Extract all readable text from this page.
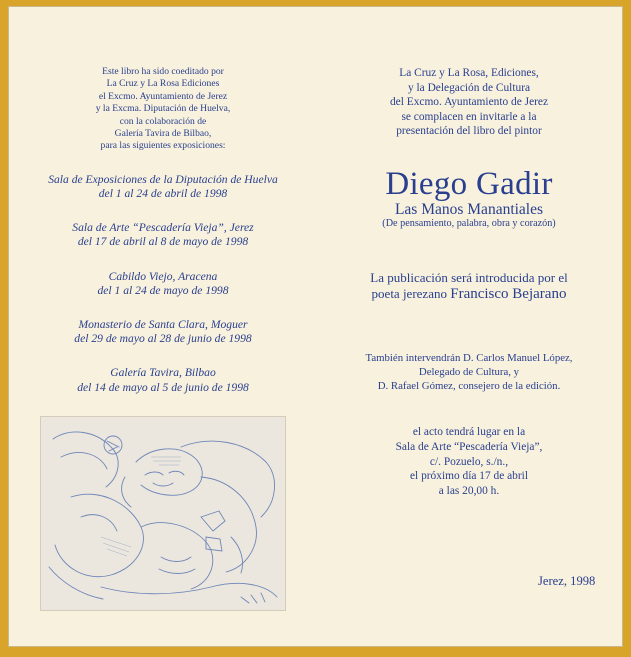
Este libro ha sido coeditado por

La Cruz y La Rosa Ediciones

el Excmo. Ayuntamiento de Jerez

y la Excma. Diputación de Huelva,

con la colaboración de

Galería Tavira de Bilbao,

para las siguientes exposiciones:

Sala de Exposiciones de la Diputación de Huelva

del 1 al 24 de abril de 1998

Sala de Arte “Pescadería Vieja”, Jerez

del 17 de abril al 8 de mayo de 1998

Cabildo Viejo, Aracena

del 1 al 24 de mayo de 1998

Monasterio de Santa Clara, Moguer

del 29 de mayo al 28 de junio de 1998

Galería Tavira, Bilbao

del 14 de mayo al 5 de junio de 1998

La Cruz y La Rosa, Ediciones,

y la Delegación de Cultura

del Excmo. Ayuntamiento de Jerez

se complacen en invitarle a la

presentación del libro del pintor

Diego Gadir

Las Manos Manantiales

(De pensamiento, palabra, obra y corazón)

La publicación será introducida por el

poeta jerezano Francisco Bejarano

También intervendrán D. Carlos Manuel López,

Delegado de Cultura, y

D. Rafael Gómez, consejero de la edición.

el acto tendrá lugar en la

Sala de Arte “Pescadería Vieja”,

c/. Pozuelo, s./n.,

el próximo día 17 de abril

a las 20,00 h.

Jerez, 1998
